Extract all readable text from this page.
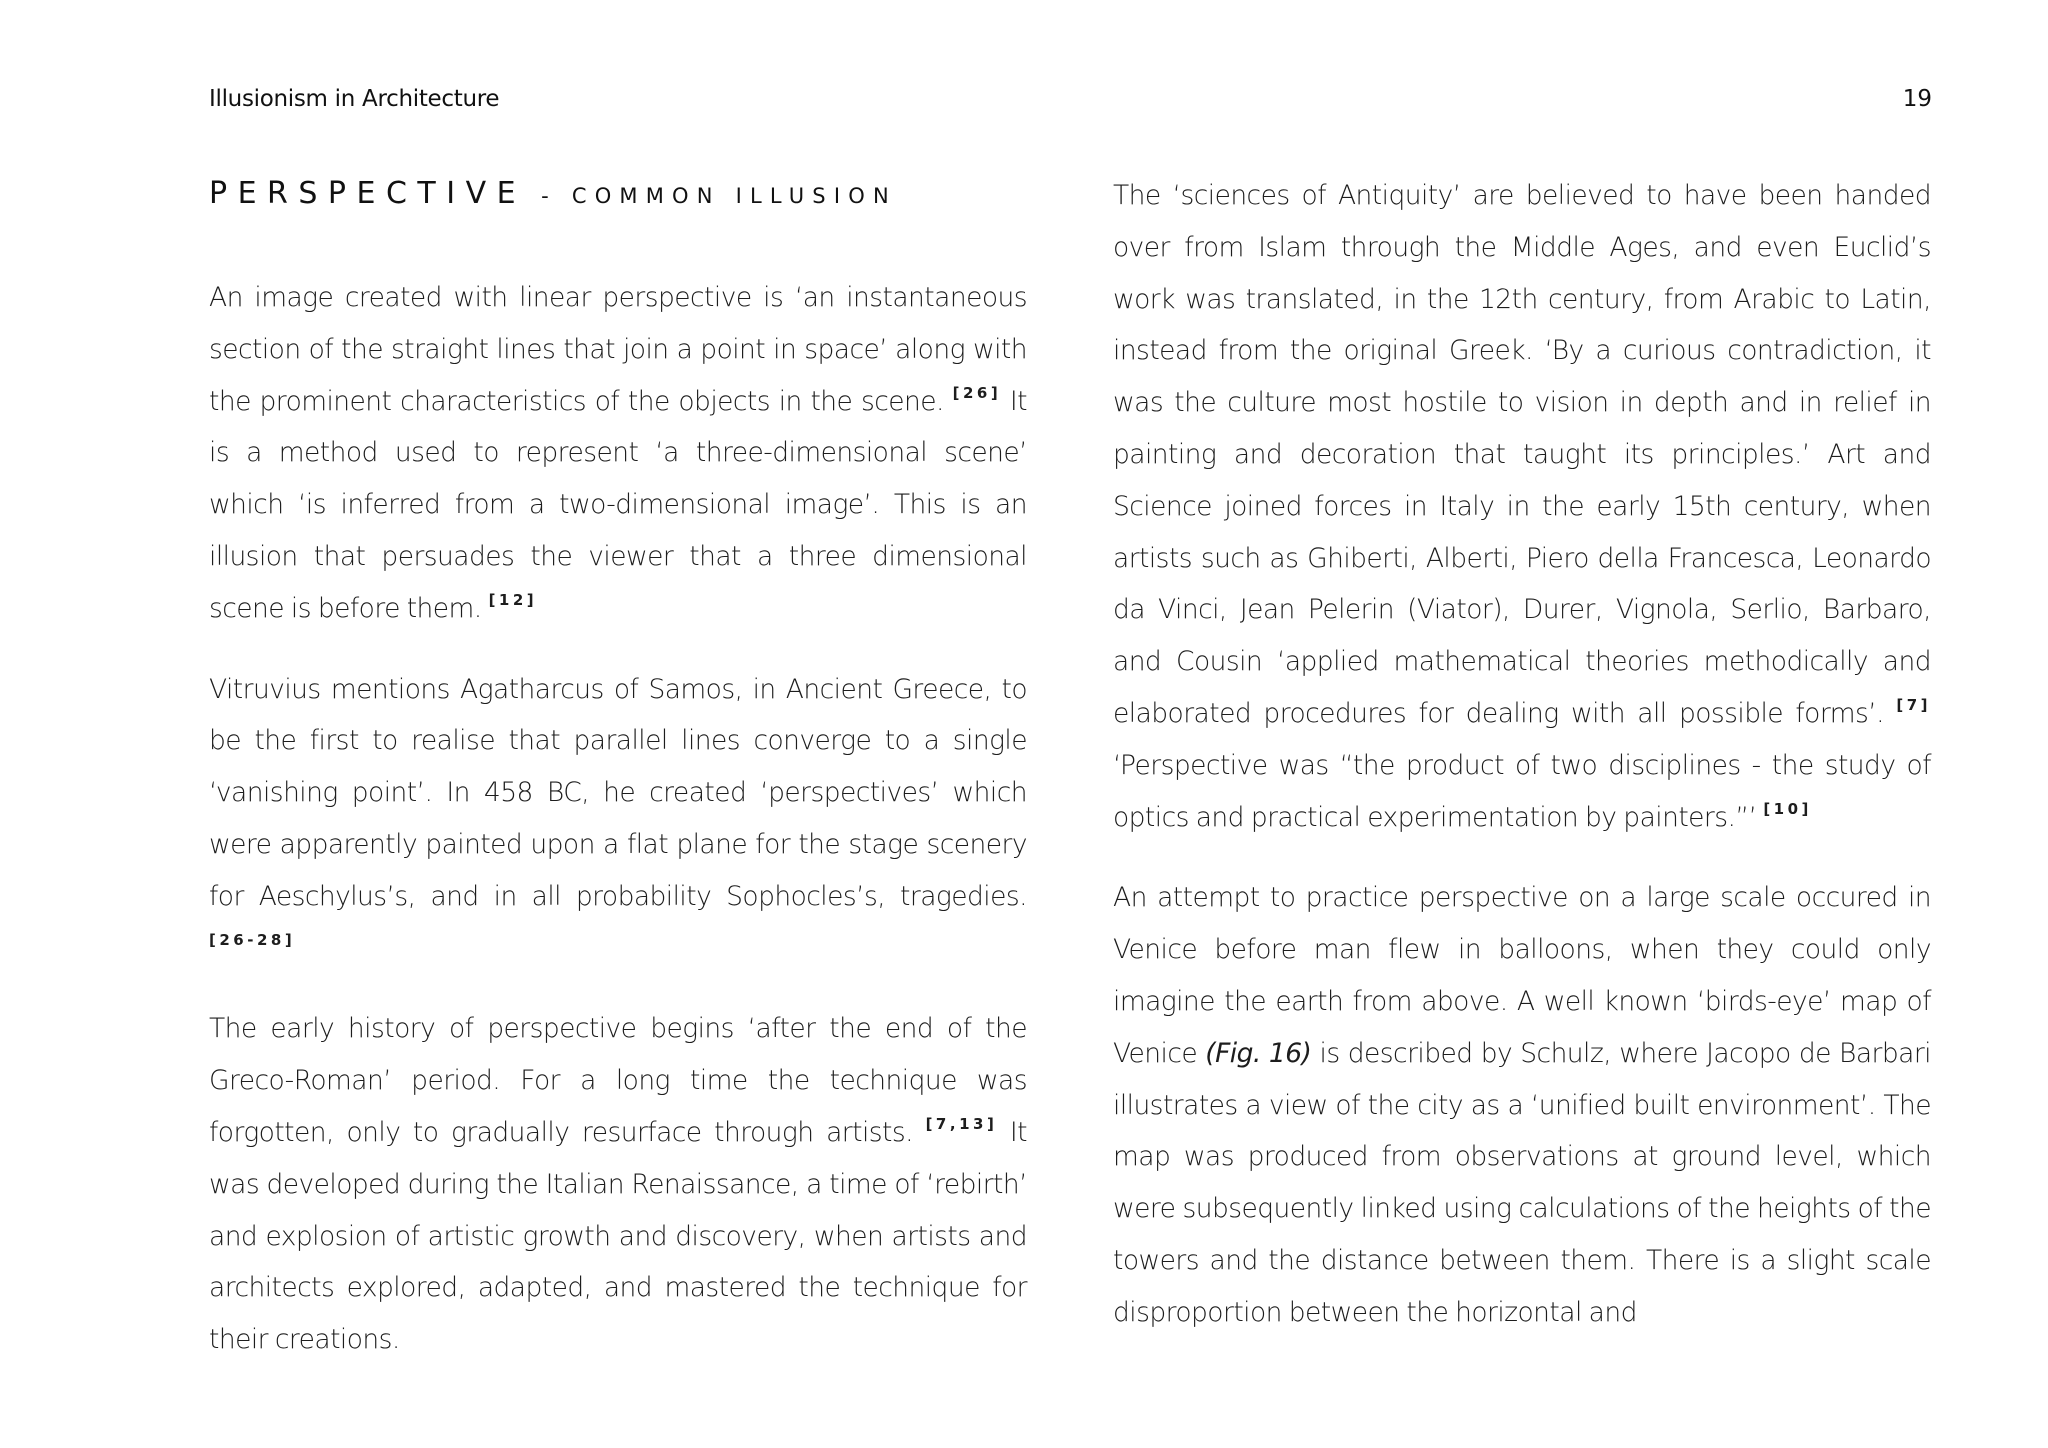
Illusionism in Architecture	19
PERSPECTIVE - COMMON ILLUSION

An image created with linear perspective is ‘an instantaneous section of the straight lines that join a point in space’ along with the prominent characteristics of the objects in the scene. [26] It is a method used to represent ‘a three-dimensional scene’ which ‘is inferred from a two-dimensional image’. This is an illusion that persuades the viewer that a three dimensional scene is before them. [12]

Vitruvius mentions Agatharcus of Samos, in Ancient Greece, to be the first to realise that parallel lines converge to a single ‘vanishing point’. In 458 BC, he created ‘perspectives’ which were apparently painted upon a flat plane for the stage scenery for Aeschylus’s, and in all probability Sophocles’s, tragedies. [26-28]

The early history of perspective begins ‘after the end of the Greco-Roman’ period. For a long time the technique was forgotten, only to gradually resurface through artists. [7,13] It was developed during the Italian Renaissance, a time of ‘rebirth’ and explosion of artistic growth and discovery, when artists and architects explored, adapted, and mastered the technique for their creations.

The ‘sciences of Antiquity’ are believed to have been handed over from Islam through the Middle Ages, and even Euclid’s work was translated, in the 12th century, from Arabic to Latin, instead from the original Greek. ‘By a curious contradiction, it was the culture most hostile to vision in depth and in relief in painting and decoration that taught its principles.’ Art and Science joined forces in Italy in the early 15th century, when artists such as Ghiberti, Alberti, Piero della Francesca, Leonardo da Vinci, Jean Pelerin (Viator), Durer, Vignola, Serlio, Barbaro, and Cousin ‘applied mathematical theories methodically and elaborated procedures for dealing with all possible forms’. [7] ‘Perspective was “the product of two disciplines - the study of optics and practical experimentation by painters.”’ [10]

An attempt to practice perspective on a large scale occured in Venice before man flew in balloons, when they could only imagine the earth from above. A well known ‘birds-eye’ map of Venice (Fig. 16) is described by Schulz, where Jacopo de Barbari illustrates a view of the city as a ‘unified built environment’. The map was produced from observations at ground level, which were subsequently linked using calculations of the heights of the towers and the distance between them. There is a slight scale disproportion between the horizontal and
